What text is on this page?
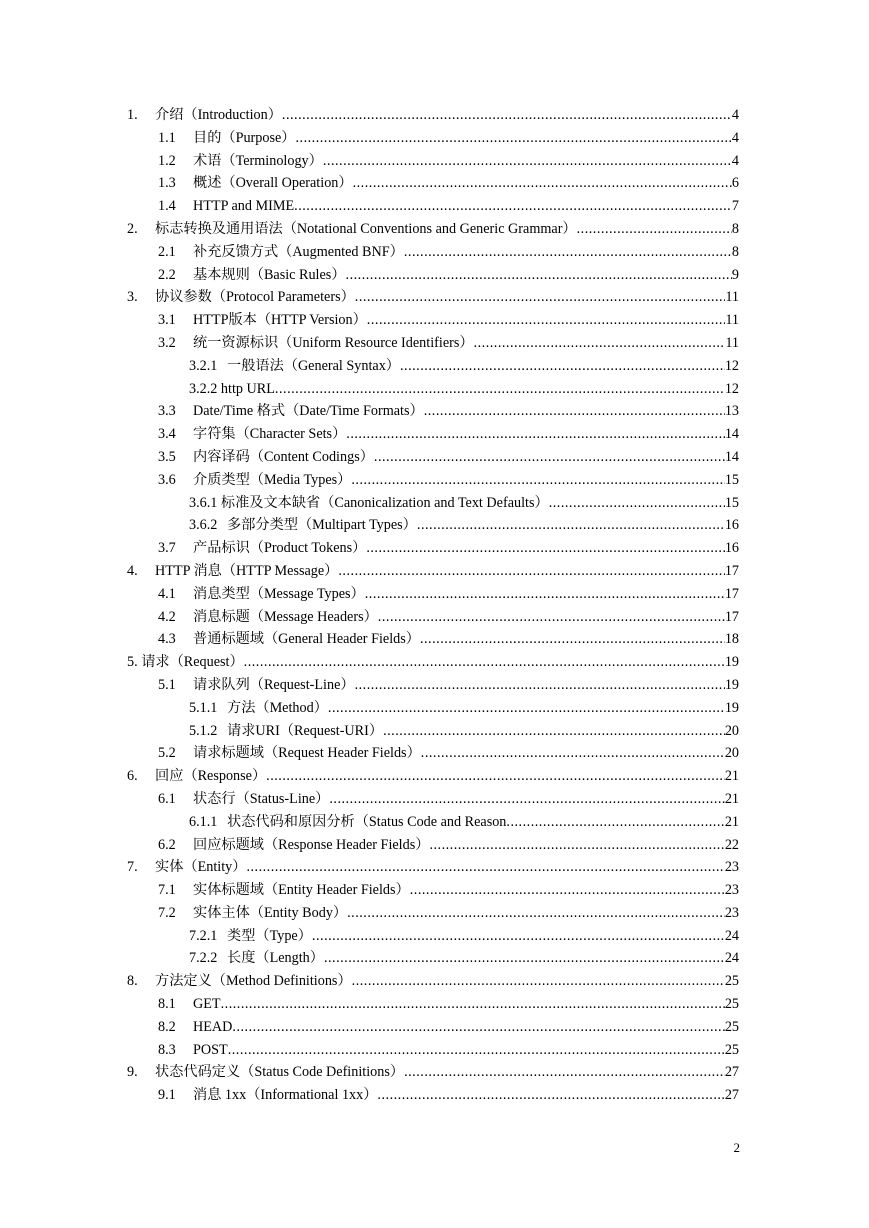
1. 介绍（Introduction） .....	4
1.1 目的（Purpose） .....	4
1.2 术语（Terminology） .....	4
1.3 概述（Overall Operation） .....	6
1.4 HTTP and MIME .....	7
2. 标志转换及通用语法（Notational Conventions and Generic Grammar） .....	8
2.1 补充反馈方式（Augmented BNF） .....	8
2.2 基本规则（Basic Rules） .....	9
3. 协议参数（Protocol Parameters） .....	11
3.1 HTTP版本（HTTP Version） .....	11
3.2 统一资源标识（Uniform Resource Identifiers） .....	11
3.2.1 一般语法（General Syntax） .....	12
3.2.2 http URL .....	12
3.3 Date/Time 格式（Date/Time Formats） .....	13
3.4 字符集（Character Sets） .....	14
3.5 内容译码（Content Codings） .....	14
3.6 介质类型（Media Types） .....	15
3.6.1 标准及文本缺省（Canonicalization and Text Defaults） .....	15
3.6.2 多部分类型（Multipart Types） .....	16
3.7 产品标识（Product Tokens） .....	16
4. HTTP 消息（HTTP Message） .....	17
4.1 消息类型（Message Types） .....	17
4.2 消息标题（Message Headers） .....	17
4.3 普通标题域（General Header Fields） .....	18
5. 请求（Request） .....	19
5.1 请求队列（Request-Line） .....	19
5.1.1 方法（Method） .....	19
5.1.2 请求URI（Request-URI） .....	20
5.2 请求标题域（Request Header Fields） .....	20
6. 回应（Response） .....	21
6.1 状态行（Status-Line） .....	21
6.1.1 状态代码和原因分析（Status Code and Reason .....	21
6.2 回应标题域（Response Header Fields） .....	22
7. 实体（Entity） .....	23
7.1 实体标题域（Entity Header Fields） .....	23
7.2 实体主体（Entity Body） .....	23
7.2.1 类型（Type） .....	24
7.2.2 长度（Length） .....	24
8. 方法定义（Method Definitions） .....	25
8.1 GET .....	25
8.2 HEAD .....	25
8.3 POST .....	25
9. 状态代码定义（Status Code Definitions） .....	27
9.1 消息 1xx（Informational 1xx） .....	27
2
